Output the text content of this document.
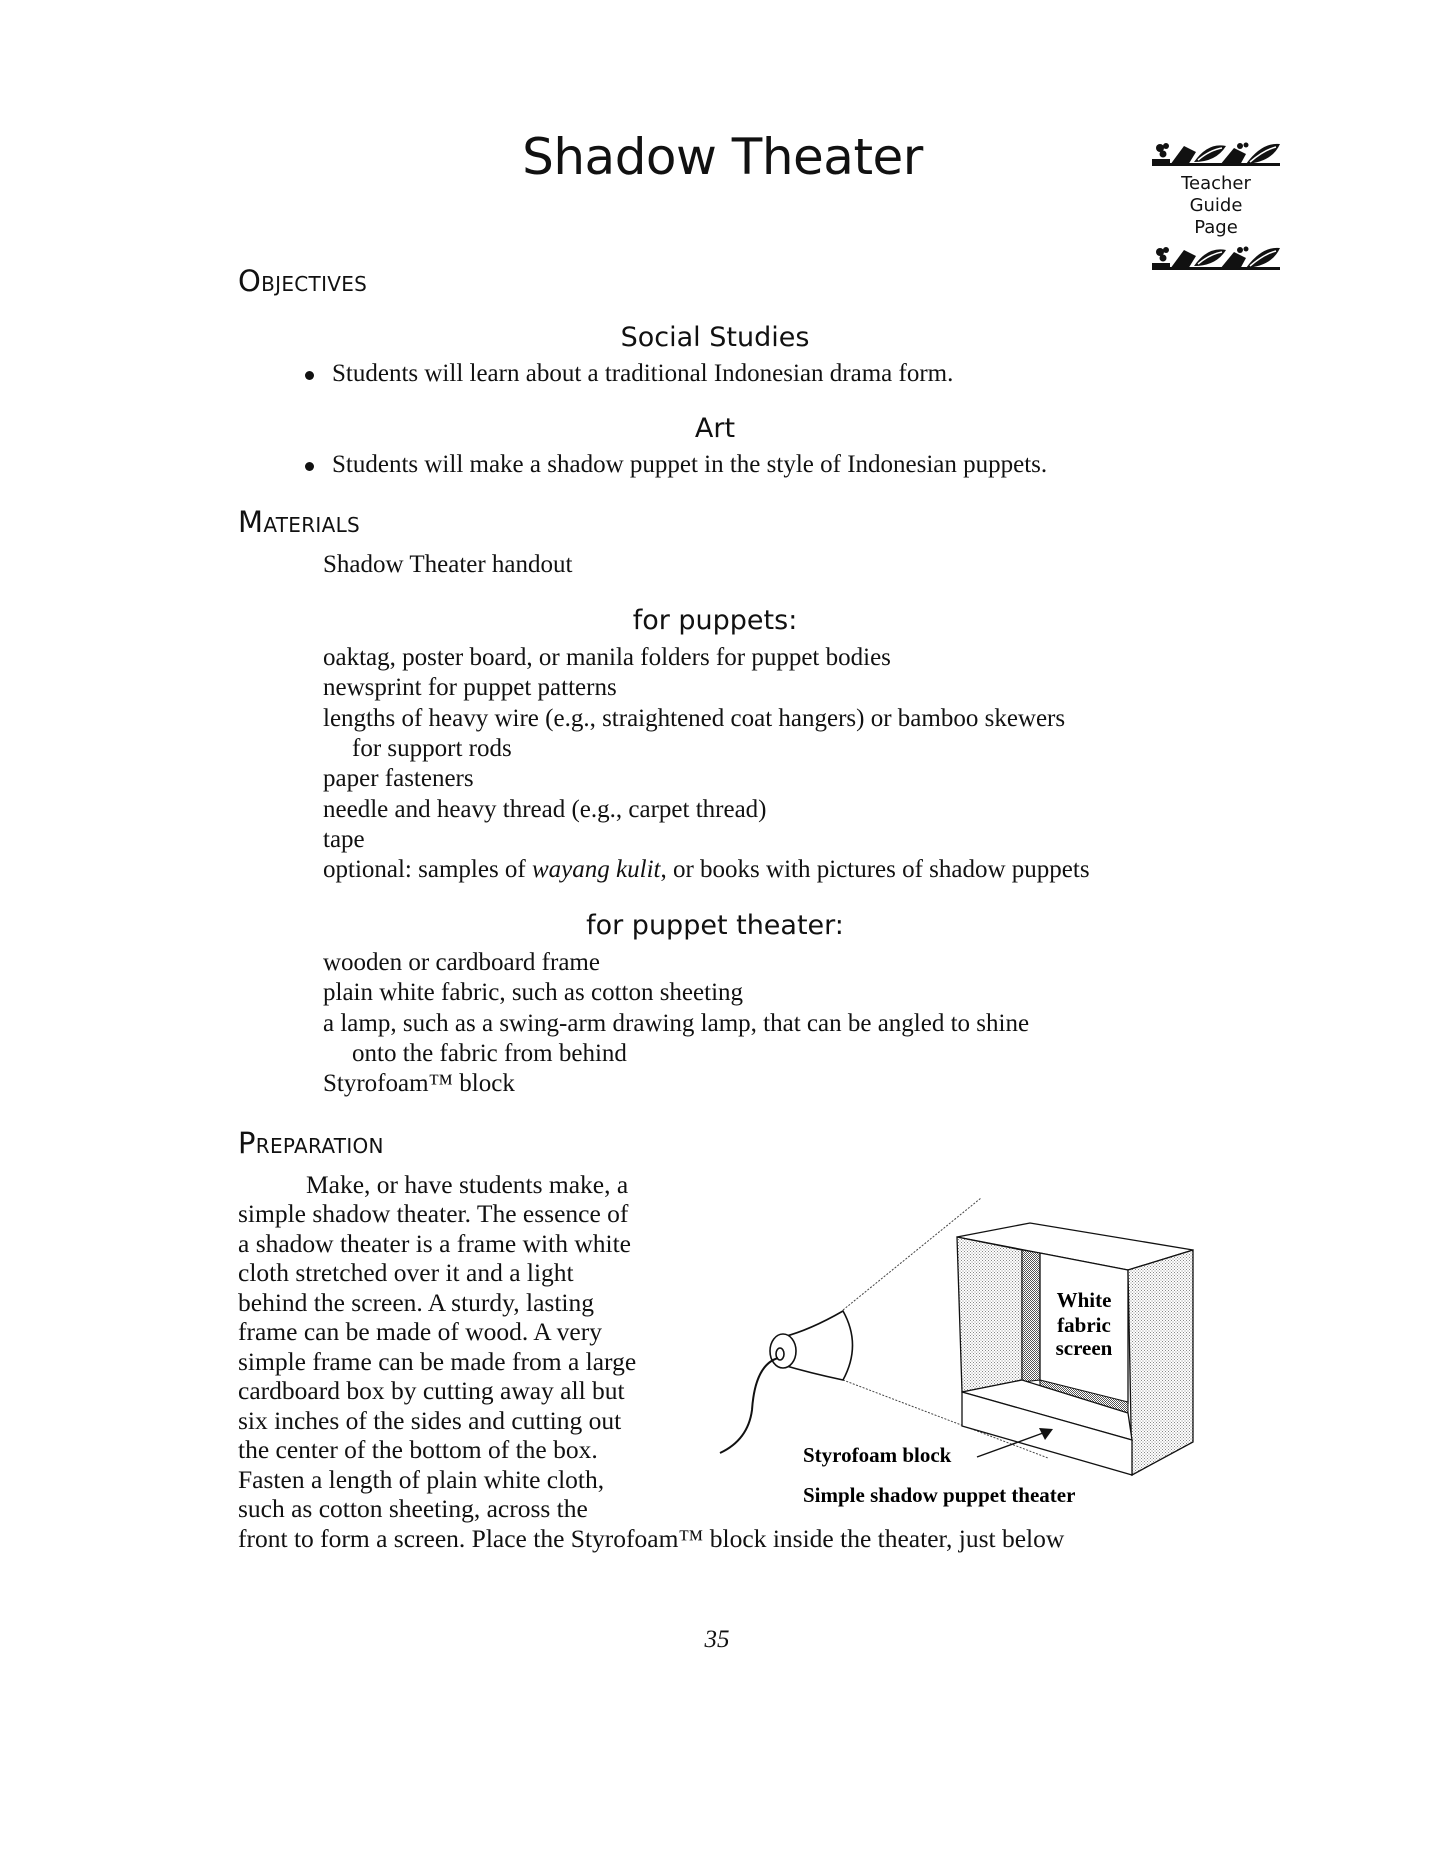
Shadow Theater	Teacher
Guide
Page
Objectives
Social Studies
Students will learn about a traditional Indonesian drama form.
Art
Students will make a shadow puppet in the style of Indonesian puppets.
Materials
Shadow Theater handout
for puppets:
oaktag, poster board, or manila folders for puppet bodies
newsprint for puppet patterns
lengths of heavy wire (e.g., straightened coat hangers) or bamboo skewers
for support rods
paper fasteners
needle and heavy thread (e.g., carpet thread)
tape
optional: samples of wayang kulit, or books with pictures of shadow puppets
for puppet theater:
wooden or cardboard frame
plain white fabric, such as cotton sheeting
a lamp, such as a swing-arm drawing lamp, that can be angled to shine
onto the fabric from behind
Styrofoam™ block
Preparation
Make, or have students make, a
simple shadow theater. The essence of
a shadow theater is a frame with white
cloth stretched over it and a light
behind the screen. A sturdy, lasting
frame can be made of wood. A very
simple frame can be made from a large
cardboard box by cutting away all but
six inches of the sides and cutting out
the center of the bottom of the box.
Fasten a length of plain white cloth,
such as cotton sheeting, across the
front to form a screen. Place the Styrofoam™ block inside the theater, just below
White
fabric
screen
Styrofoam block
Simple shadow puppet theater
35
